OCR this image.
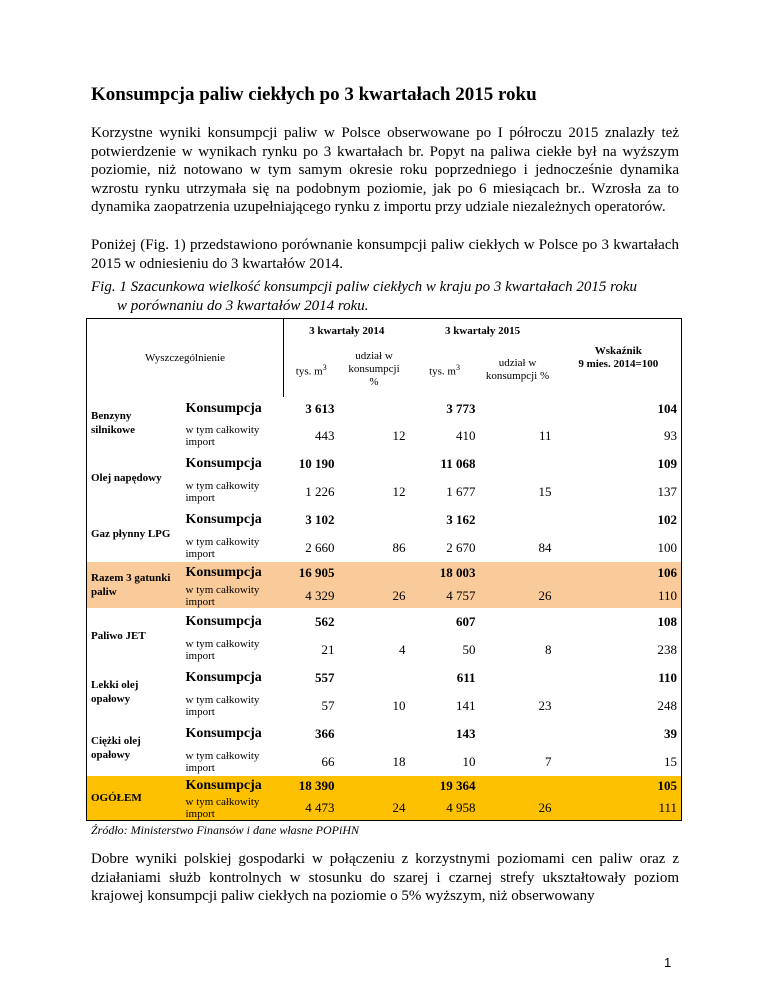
Konsumpcja paliw ciekłych po 3 kwartałach 2015 roku

Korzystne wyniki konsumpcji paliw w Polsce obserwowane po I półroczu 2015 znalazły też potwierdzenie w wynikach rynku po 3 kwartałach br. Popyt na paliwa ciekłe był na wyższym poziomie, niż notowano w tym samym okresie roku poprzedniego i jednocześnie dynamika wzrostu rynku utrzymała się na podobnym poziomie, jak po 6 miesiącach br.. Wzrosła za to dynamika zaopatrzenia uzupełniającego rynku z importu przy udziale niezależnych operatorów.

Poniżej (Fig. 1) przedstawiono porównanie konsumpcji paliw ciekłych w Polsce po 3 kwartałach 2015 w odniesieniu do 3 kwartałów 2014.

Fig. 1 Szacunkowa wielkość konsumpcji paliw ciekłych w kraju po 3 kwartałach 2015 roku
w porównaniu do 3 kwartałów 2014 roku.

Wyszczególnienie		3 kwartały 2014		3 kwartały 2015		Wskaźnik
9 mies. 2014=100
		tys. $m^3$	udział w konsumpcji %	tys. $m^3$	udział w konsumpcji %	
Benzyny silnikowe	Konsumpcja	3 613		3 773		104
	w tym całkowity import	443	12	410	11	93
Olej napędowy	Konsumpcja	10 190		11 068		109
	w tym całkowity import	1 226	12	1 677	15	137
Gaz płynny LPG	Konsumpcja	3 102		3 162		102
	w tym całkowity import	2 660	86	2 670	84	100
Razem 3 gatunki paliw	Konsumpcja	16 905		18 003		106
	w tym całkowity import	4 329	26	4 757	26	110
Paliwo JET	Konsumpcja	562		607		108
	w tym całkowity import	21	4	50	8	238
Lekki olej opałowy	Konsumpcja	557		611		110
	w tym całkowity import	57	10	141	23	248
Ciężki olej opałowy	Konsumpcja	366		143		39
	w tym całkowity import	66	18	10	7	15
OGÓŁEM	Konsumpcja	18 390		19 364		105
	w tym całkowity import	4 473	24	4 958	26	111

Źródło: Ministerstwo Finansów i dane własne POPiHN

Dobre wyniki polskiej gospodarki w połączeniu z korzystnymi poziomami cen paliw oraz z działaniami służb kontrolnych w stosunku do szarej i czarnej strefy ukształtowały poziom krajowej konsumpcji paliw ciekłych na poziomie o 5% wyższym, niż obserwowany

1
